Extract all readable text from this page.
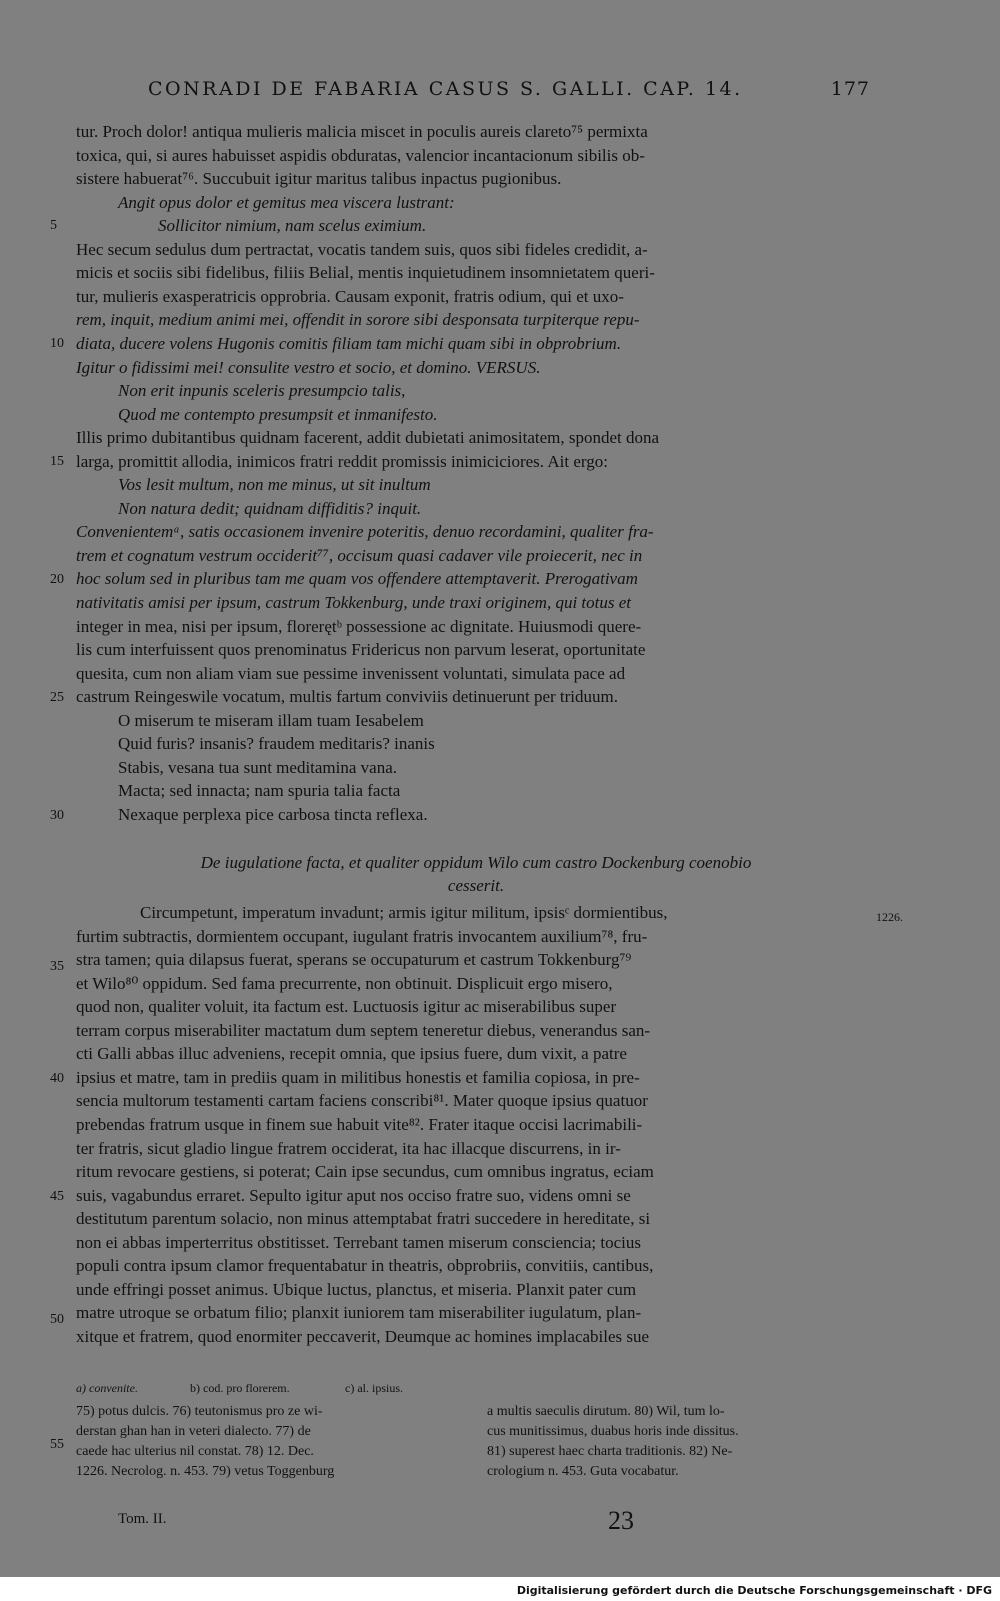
CONRADI DE FABARIA CASUS S. GALLI. CAP. 14.	177
tur. Proch dolor! antiqua mulieris malicia miscet in poculis aureis clareto⁷⁵ permixta
toxica, qui, si aures habuisset aspidis obduratas, valencior incantacionum sibilis ob-
sistere habuerat⁷⁶. Succubuit igitur maritus talibus inpactus pugionibus.
Angit opus dolor et gemitus mea viscera lustrant:
Sollicitor nimium, nam scelus eximium.
Hec secum sedulus dum pertractat, vocatis tandem suis, quos sibi fideles credidit, a-
micis et sociis sibi fidelibus, filiis Belial, mentis inquietudinem insomnietatem queri-
tur, mulieris exasperatricis opprobria. Causam exponit, fratris odium, qui et uxo-
rem, inquit, medium animi mei, offendit in sorore sibi desponsata turpiterque repu-
diata, ducere volens Hugonis comitis filiam tam michi quam sibi in obprobrium.
Igitur o fidissimi mei! consulite vestro et socio, et domino. VERSUS.
Non erit inpunis sceleris presumpcio talis,
Quod me contempto presumpsit et inmanifesto.
Illis primo dubitantibus quidnam facerent, addit dubietati animositatem, spondet dona
larga, promittit allodia, inimicos fratri reddit promissis inimiciciores. Ait ergo:
Vos lesit multum, non me minus, ut sit inultum
Non natura dedit; quidnam diffiditis? inquit.
Convenientemᵃ, satis occasionem invenire poteritis, denuo recordamini, qualiter fra-
trem et cognatum vestrum occiderit⁷⁷, occisum quasi cadaver vile proiecerit, nec in
hoc solum sed in pluribus tam me quam vos offendere attemptaverit. Prerogativam
nativitatis amisi per ipsum, castrum Tokkenburg, unde traxi originem, qui totus et
integer in mea, nisi per ipsum, florerętᵇ possessione ac dignitate. Huiusmodi quere-
lis cum interfuissent quos prenominatus Fridericus non parvum leserat, oportunitate
quesita, cum non aliam viam sue pessime invenissent voluntati, simulata pace ad
castrum Reingeswile vocatum, multis fartum conviviis detinuerunt per triduum.
O miserum te miseram illam tuam Iesabelem
Quid furis? insanis? fraudem meditaris? inanis
Stabis, vesana tua sunt meditamina vana.
Macta; sed innacta; nam spuria talia facta
Nexaque perplexa pice carbosa tincta reflexa.
De iugulatione facta, et qualiter oppidum Wilo cum castro Dockenburg coenobio
cesserit.
Circumpetunt, imperatum invadunt; armis igitur militum, ipsisᶜ dormientibus,
furtim subtractis, dormientem occupant, iugulant fratris invocantem auxilium⁷⁸, fru-
stra tamen; quia dilapsus fuerat, sperans se occupaturum et castrum Tokkenburg⁷⁹
et Wilo⁸⁰ oppidum. Sed fama precurrente, non obtinuit. Displicuit ergo misero,
quod non, qualiter voluit, ita factum est. Luctuosis igitur ac miserabilibus super
terram corpus miserabiliter mactatum dum septem teneretur diebus, venerandus san-
cti Galli abbas illuc adveniens, recepit omnia, que ipsius fuere, dum vixit, a patre
ipsius et matre, tam in prediis quam in militibus honestis et familia copiosa, in pre-
sencia multorum testamenti cartam faciens conscribi⁸¹. Mater quoque ipsius quatuor
prebendas fratrum usque in finem sue habuit vite⁸². Frater itaque occisi lacrimabili-
ter fratris, sicut gladio lingue fratrem occiderat, ita hac illacque discurrens, in ir-
ritum revocare gestiens, si poterat; Cain ipse secundus, cum omnibus ingratus, eciam
suis, vagabundus erraret. Sepulto igitur aput nos occiso fratre suo, videns omni se
destitutum parentum solacio, non minus attemptabat fratri succedere in hereditate, si
non ei abbas imperterritus obstitisset. Terrebant tamen miserum consciencia; tocius
populi contra ipsum clamor frequentabatur in theatris, obprobriis, convitiis, cantibus,
unde effringi posset animus. Ubique luctus, planctus, et miseria. Planxit pater cum
matre utroque se orbatum filio; planxit iuniorem tam miserabiliter iugulatum, plan-
xitque et fratrem, quod enormiter peccaverit, Deumque ac homines implacabiles sue
5
10
15
20
25
30
35
40
45
50
55
1226.
a) convenite.	b) cod. pro florerem.	c) al. ipsius.
75) potus dulcis. 76) teutonismus pro ze wi-
derstan ghan han in veteri dialecto. 77) de
caede hac ulterius nil constat. 78) 12. Dec.
1226. Necrolog. n. 453. 79) vetus Toggenburg
a multis saeculis dirutum. 80) Wil, tum lo-
cus munitissimus, duabus horis inde dissitus.
81) superest haec charta traditionis. 82) Ne-
crologium n. 453. Guta vocabatur.
Tom. II.	23
Digitalisierung gefördert durch die Deutsche Forschungsgemeinschaft · DFG
